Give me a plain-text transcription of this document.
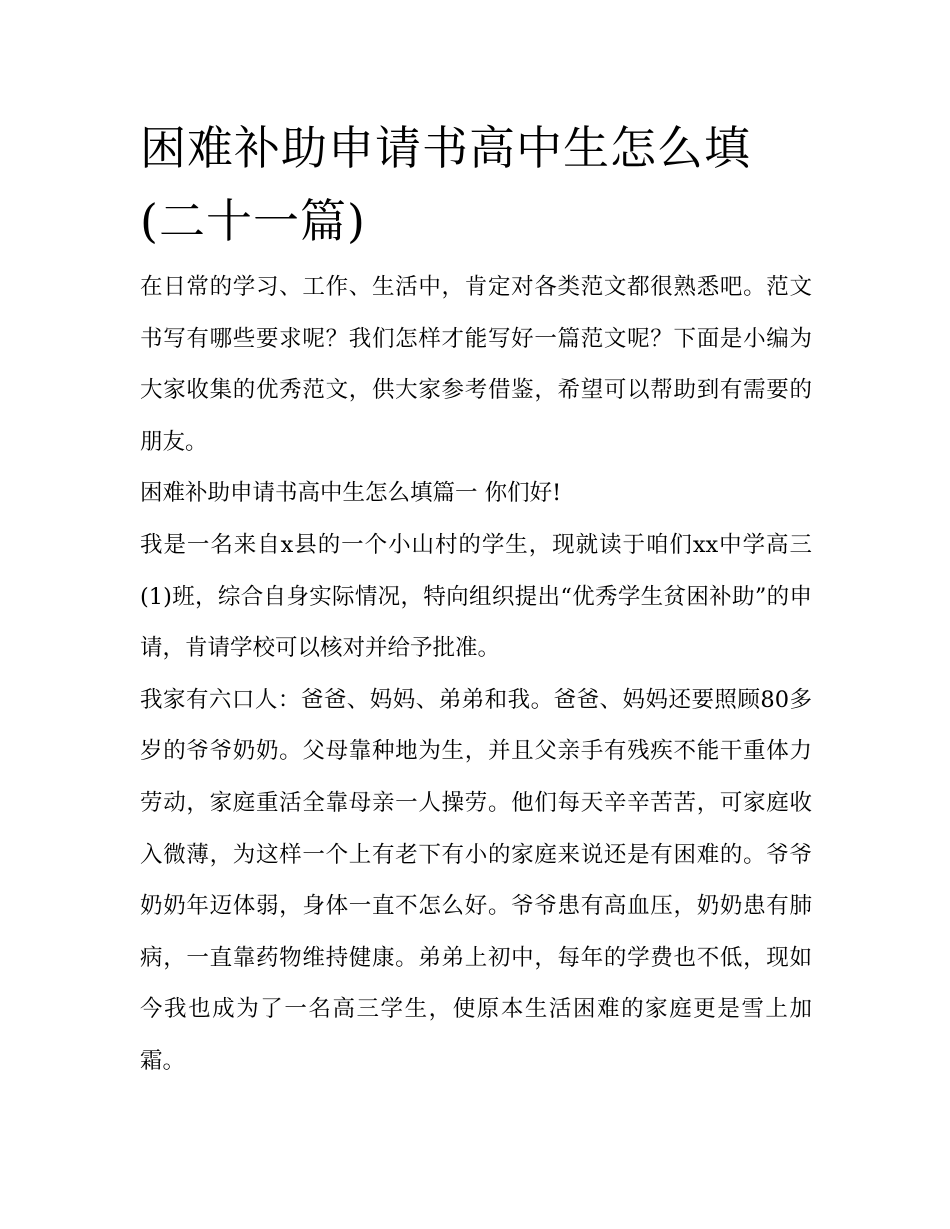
困难补助申请书高中生怎么填(二十一篇)

在日常的学习、工作、生活中，肯定对各类范文都很熟悉吧。范文书写有哪些要求呢？我们怎样才能写好一篇范文呢？下面是小编为大家收集的优秀范文，供大家参考借鉴，希望可以帮助到有需要的朋友。

困难补助申请书高中生怎么填篇一 你们好!

我是一名来自x县的一个小山村的学生，现就读于咱们xx中学高三(1)班，综合自身实际情况，特向组织提出“优秀学生贫困补助”的申请，肯请学校可以核对并给予批准。

我家有六口人：爸爸、妈妈、弟弟和我。爸爸、妈妈还要照顾80多岁的爷爷奶奶。父母靠种地为生，并且父亲手有残疾不能干重体力劳动，家庭重活全靠母亲一人操劳。他们每天辛辛苦苦，可家庭收入微薄，为这样一个上有老下有小的家庭来说还是有困难的。爷爷奶奶年迈体弱，身体一直不怎么好。爷爷患有高血压，奶奶患有肺病，一直靠药物维持健康。弟弟上初中，每年的学费也不低，现如今我也成为了一名高三学生，使原本生活困难的家庭更是雪上加霜。
